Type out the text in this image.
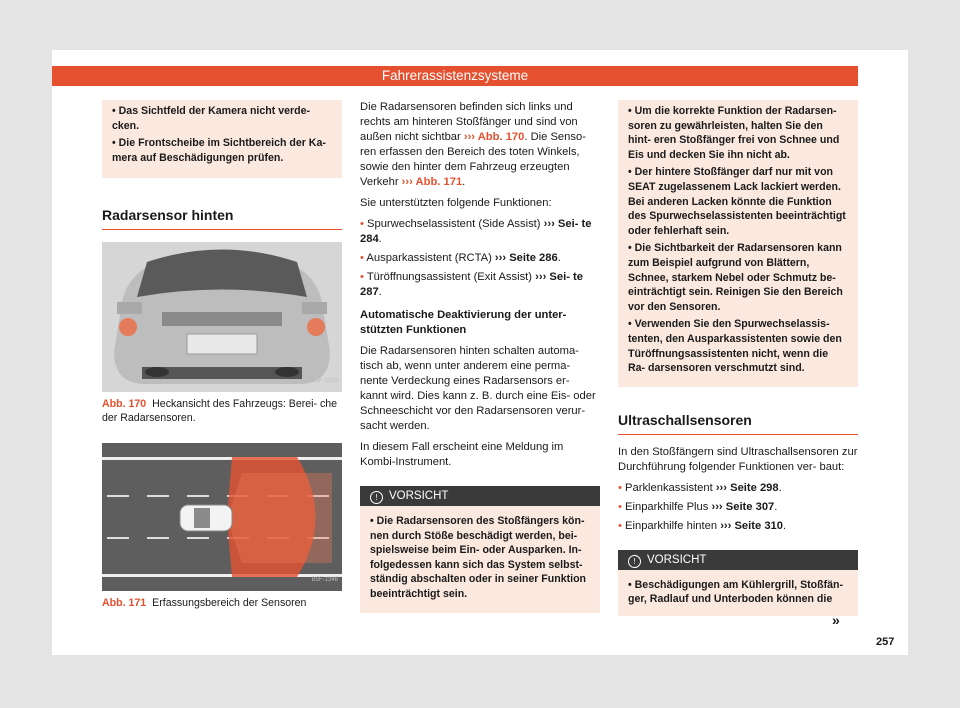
Fahrerassistenzsysteme
• Das Sichtfeld der Kamera nicht verde- cken.
• Die Frontscheibe im Sichtbereich der Ka- mera auf Beschädigungen prüfen.
Radarsensor hinten
B5F-1252
Abb. 170 Heckansicht des Fahrzeugs: Berei- che der Radarsensoren.
B5F-1346
Abb. 171 Erfassungsbereich der Sensoren

Die Radarsensoren befinden sich links und rechts am hinteren Stoßfänger und sind von außen nicht sichtbar ››› Abb. 170. Die Senso- ren erfassen den Bereich des toten Winkels, sowie den hinter dem Fahrzeug erzeugten Verkehr ››› Abb. 171.

Sie unterstützten folgende Funktionen:

• Spurwechselassistent (Side Assist) ››› Sei- te 284.

• Ausparkassistent (RCTA) ››› Seite 286.

• Türöffnungsassistent (Exit Assist) ››› Sei- te 287.

Automatische Deaktivierung der unter- stützten Funktionen

Die Radarsensoren hinten schalten automa- tisch ab, wenn unter anderem eine perma- nente Verdeckung eines Radarsensors er- kannt wird. Dies kann z. B. durch eine Eis- oder Schneeschicht vor den Radarsensoren verur- sacht werden.

In diesem Fall erscheint eine Meldung im Kombi-Instrument.

! VORSICHT
• Die Radarsensoren des Stoßfängers kön- nen durch Stöße beschädigt werden, bei- spielsweise beim Ein- oder Ausparken. In- folgedessen kann sich das System selbst- ständig abschalten oder in seiner Funktion beeinträchtigt sein.
• Um die korrekte Funktion der Radarsen- soren zu gewährleisten, halten Sie den hint- eren Stoßfänger frei von Schnee und Eis und decken Sie ihn nicht ab.
• Der hintere Stoßfänger darf nur mit von SEAT zugelassenem Lack lackiert werden. Bei anderen Lacken könnte die Funktion des Spurwechselassistenten beeinträchtigt oder fehlerhaft sein.
• Die Sichtbarkeit der Radarsensoren kann zum Beispiel aufgrund von Blättern, Schnee, starkem Nebel oder Schmutz be- einträchtigt sein. Reinigen Sie den Bereich vor den Sensoren.
• Verwenden Sie den Spurwechselassis- tenten, den Ausparkassistenten sowie den Türöffnungsassistenten nicht, wenn die Ra- darsensoren verschmutzt sind.
Ultraschallsensoren

In den Stoßfängern sind Ultraschallsensoren zur Durchführung folgender Funktionen ver- baut:

• Parklenkassistent ››› Seite 298.

• Einparkhilfe Plus ››› Seite 307.

• Einparkhilfe hinten ››› Seite 310.

! VORSICHT
• Beschädigungen am Kühlergrill, Stoßfän- ger, Radlauf und Unterboden können die
»
257
